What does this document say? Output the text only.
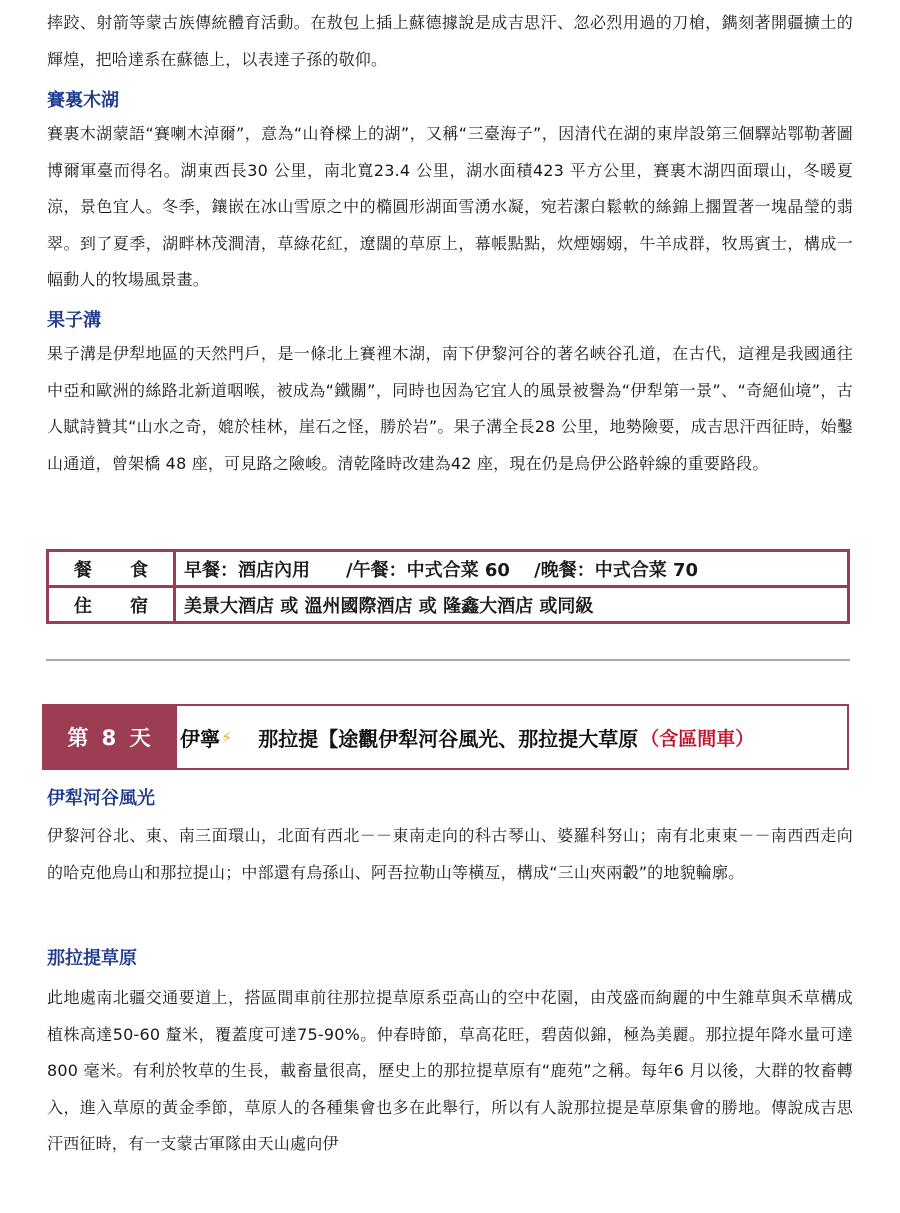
摔跤、射箭等蒙古族傳統體育活動。在敖包上插上蘇德據說是成吉思汗、忽必烈用過的刀槍，鐫刻著開疆擴土的輝煌，把哈達系在蘇德上，以表達子孫的敬仰。

賽裏木湖

賽裏木湖蒙語“賽喇木淖爾”，意為“山脊樑上的湖”，又稱“三臺海子”，因清代在湖的東岸設第三個驛站鄂勒著圖博爾軍臺而得名。湖東西長30 公里，南北寬23.4 公里，湖水面積423 平方公里，賽裏木湖四面環山，冬暖夏涼，景色宜人。冬季，鑲嵌在冰山雪原之中的橢圓形湖面雪湧水凝，宛若潔白鬆軟的絲錦上擱置著一塊晶瑩的翡翠。到了夏季，湖畔林茂澗清，草綠花紅，遼闊的草原上，幕帳點點，炊煙嫋嫋，牛羊成群，牧馬賓士，構成一幅動人的牧場風景畫。

果子溝

果子溝是伊犁地區的天然門戶，是一條北上賽裡木湖，南下伊黎河谷的著名峽谷孔道，在古代，這裡是我國通往中亞和歐洲的絲路北新道咽喉，被成為“鐵關”，同時也因為它宜人的風景被譽為“伊犁第一景”、“奇絕仙境”，古人賦詩贊其“山水之奇，媲於桂林，崖石之怪，勝於岩”。果子溝全長28 公里，地勢險要，成吉思汗西征時，始鑿山通道，曾架橋 48 座，可見路之險峻。清乾隆時改建為42 座，現在仍是烏伊公路幹線的重要路段。

餐 食	早餐：酒店內用　　/午餐：中式合菜 60　 /晚餐：中式合菜 70
住 宿	美景大酒店 或 溫州國際酒店 或 隆鑫大酒店 或同級
第 8 天	伊寧 ⚡ 那拉提【途觀伊犁河谷風光、那拉提大草原 （含區間車）
伊犁河谷風光

伊黎河谷北、東、南三面環山，北面有西北－－東南走向的科古琴山、婆羅科努山；南有北東東－－南西西走向的哈克他烏山和那拉提山；中部還有烏孫山、阿吾拉勒山等橫亙，構成“三山夾兩轂”的地貌輪廓。

那拉提草原

此地處南北疆交通要道上，搭區間車前往那拉提草原系亞高山的空中花園，由茂盛而絢麗的中生雜草與禾草構成植株高達50-60 釐米，覆蓋度可達75-90%。仲春時節，草高花旺，碧茵似錦，極為美麗。那拉提年降水量可達800 毫米。有利於牧草的生長，載畜量很高，歷史上的那拉提草原有“鹿苑”之稱。每年6 月以後，大群的牧畜轉入，進入草原的黃金季節，草原人的各種集會也多在此舉行，所以有人說那拉提是草原集會的勝地。傳說成吉思汗西征時，有一支蒙古軍隊由天山處向伊
